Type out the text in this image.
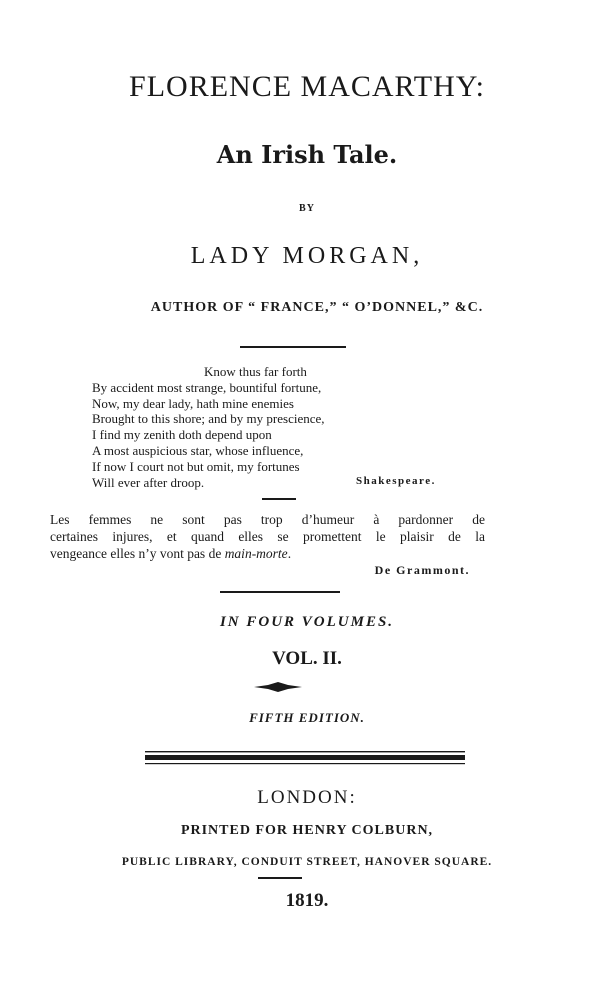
FLORENCE MACARTHY:
An Irish Tale.
BY
LADY MORGAN,
AUTHOR OF “ FRANCE,” “ O’DONNEL,” &C.
Know thus far forth
By accident most strange, bountiful fortune,
Now, my dear lady, hath mine enemies
Brought to this shore; and by my prescience,
I find my zenith doth depend upon
A most auspicious star, whose influence,
If now I court not but omit, my fortunes
Will ever after droop.	Shakespeare.
Les femmes ne sont pas trop d’humeur à pardonner de
certaines injures, et quand elles se promettent le plaisir de la
vengeance elles n’y vont pas de main-morte.
De Grammont.
IN FOUR VOLUMES.
VOL. II.
FIFTH EDITION.
LONDON:
PRINTED FOR HENRY COLBURN,
PUBLIC LIBRARY, CONDUIT STREET, HANOVER SQUARE.
1819.
